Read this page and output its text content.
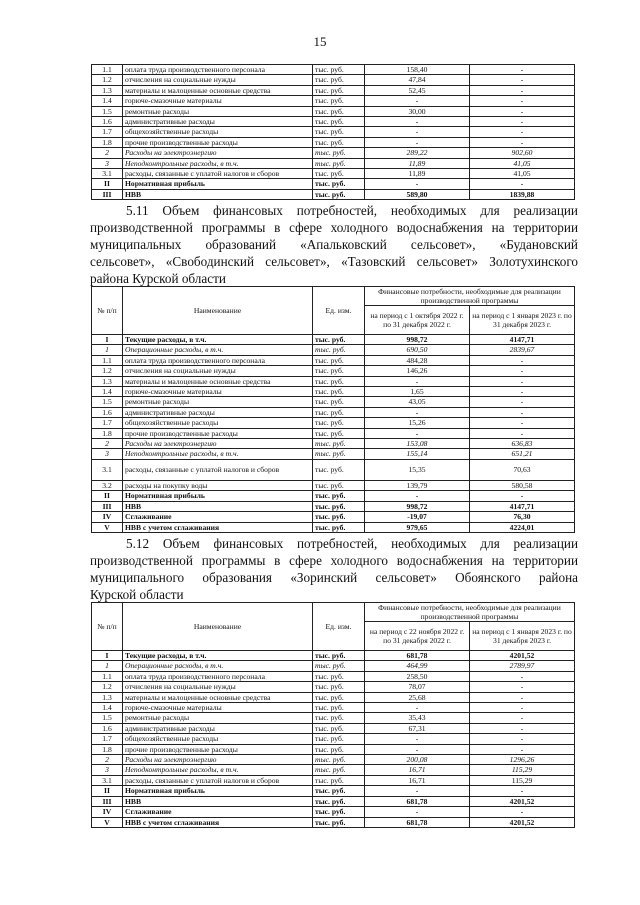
15
1.1	оплата труда производственного персонала	тыс. руб.	158,40	-
1.2	отчисления на социальные нужды	тыс. руб.	47,84	-
1.3	материалы и малоценные основные средства	тыс. руб.	52,45	-
1.4	горюче-смазочные материалы	тыс. руб.	-	-
1.5	ремонтные расходы	тыс. руб.	30,00	-
1.6	административные расходы	тыс. руб.	-	-
1.7	общехозяйственные расходы	тыс. руб.	-	-
1.8	прочие производственные расходы	тыс. руб.	-	-
2	Расходы на электроэнергию	тыс. руб.	289,22	902,60
3	Неподконтрольные расходы, в т.ч.	тыс. руб.	11,89	41,05
3.1	расходы, связанные с уплатой налогов и сборов	тыс. руб.	11,89	41,05
II	Нормативная прибыль	тыс. руб.	-	-
III	НВВ	тыс. руб.	589,80	1839,88
5.11 Объем финансовых потребностей, необходимых для реализации
производственной программы в сфере холодного водоснабжения на территории
муниципальных образований «Апальковский сельсовет», «Будановский
сельсовет», «Свободинский сельсовет», «Тазовский сельсовет» Золотухинского
района Курской области
№ п/п	Наименование	Ед. изм.	Финансовые потребности, необходимые для реализации производственной программы	
			на период с 1 октября 2022 г. по 31 декабря 2022 г.	на период с 1 января 2023 г. по 31 декабря 2023 г.
I	Текущие расходы, в т.ч.	тыс. руб.	998,72	4147,71
1	Операционные расходы, в т.ч.	тыс. руб.	690,50	2839,67
1.1	оплата труда производственного персонала	тыс. руб.	484,28	-
1.2	отчисления на социальные нужды	тыс. руб.	146,26	-
1.3	материалы и малоценные основные средства	тыс. руб.	-	-
1.4	горюче-смазочные материалы	тыс. руб.	1,65	-
1.5	ремонтные расходы	тыс. руб.	43,05	-
1.6	административные расходы	тыс. руб.	-	-
1.7	общехозяйственные расходы	тыс. руб.	15,26	-
1.8	прочие производственные расходы	тыс. руб.	-	-
2	Расходы на электроэнергию	тыс. руб.	153,08	636,83
3	Неподконтрольные расходы, в т.ч.	тыс. руб.	155,14	651,21
3.1	расходы, связанные с уплатой налогов и сборов	тыс. руб.	15,35	70,63
3.2	расходы на покупку воды	тыс. руб.	139,79	580,58
II	Нормативная прибыль	тыс. руб.	-	-
III	НВВ	тыс. руб.	998,72	4147,71
IV	Сглаживание	тыс. руб.	-19,07	76,30
V	НВВ с учетом сглаживания	тыс. руб.	979,65	4224,01
5.12 Объем финансовых потребностей, необходимых для реализации
производственной программы в сфере холодного водоснабжения на территории
муниципального образования «Зоринский сельсовет» Обоянского района
Курской области
№ п/п	Наименование	Ед. изм.	Финансовые потребности, необходимые для реализации производственной программы	
			на период с 22 ноября 2022 г. по 31 декабря 2022 г.	на период с 1 января 2023 г. по 31 декабря 2023 г.
I	Текущие расходы, в т.ч.	тыс. руб.	681,78	4201,52
1	Операционные расходы, в т.ч.	тыс. руб.	464,99	2789,97
1.1	оплата труда производственного персонала	тыс. руб.	258,50	-
1.2	отчисления на социальные нужды	тыс. руб.	78,07	-
1.3	материалы и малоценные основные средства	тыс. руб.	25,68	-
1.4	горюче-смазочные материалы	тыс. руб.	-	-
1.5	ремонтные расходы	тыс. руб.	35,43	-
1.6	административные расходы	тыс. руб.	67,31	-
1.7	общехозяйственные расходы	тыс. руб.	-	-
1.8	прочие производственные расходы	тыс. руб.	-	-
2	Расходы на электроэнергию	тыс. руб.	200,08	1296,26
3	Неподконтрольные расходы, в т.ч.	тыс. руб.	16,71	115,29
3.1	расходы, связанные с уплатой налогов и сборов	тыс. руб.	16,71	115,29
II	Нормативная прибыль	тыс. руб.	-	-
III	НВВ	тыс. руб.	681,78	4201,52
IV	Сглаживание	тыс. руб.	-	-
V	НВВ с учетом сглаживания	тыс. руб.	681,78	4201,52
